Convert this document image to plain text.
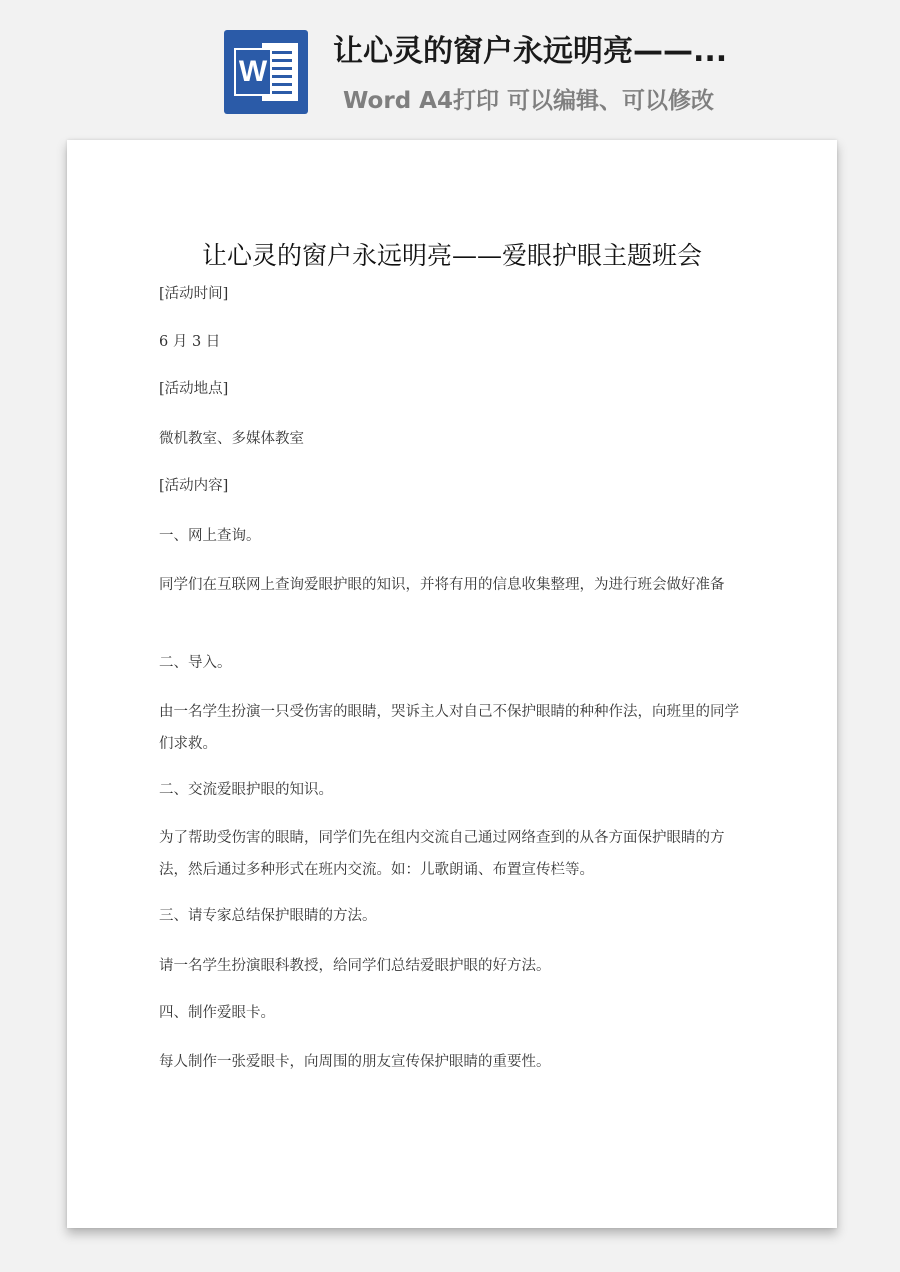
W
让心灵的窗户永远明亮——...
Word A4打印 可以编辑、可以修改
让心灵的窗户永远明亮——爱眼护眼主题班会
[活动时间]
6 月 3 日
[活动地点]
微机教室、多媒体教室
[活动内容]
一、网上查询。
同学们在互联网上查询爱眼护眼的知识，并将有用的信息收集整理，为进行班会做好准备
二、导入。
由一名学生扮演一只受伤害的眼睛，哭诉主人对自己不保护眼睛的种种作法，向班里的同学们求救。
二、交流爱眼护眼的知识。
为了帮助受伤害的眼睛，同学们先在组内交流自己通过网络查到的从各方面保护眼睛的方法，然后通过多种形式在班内交流。如：儿歌朗诵、布置宣传栏等。
三、请专家总结保护眼睛的方法。
请一名学生扮演眼科教授，给同学们总结爱眼护眼的好方法。
四、制作爱眼卡。
每人制作一张爱眼卡，向周围的朋友宣传保护眼睛的重要性。
